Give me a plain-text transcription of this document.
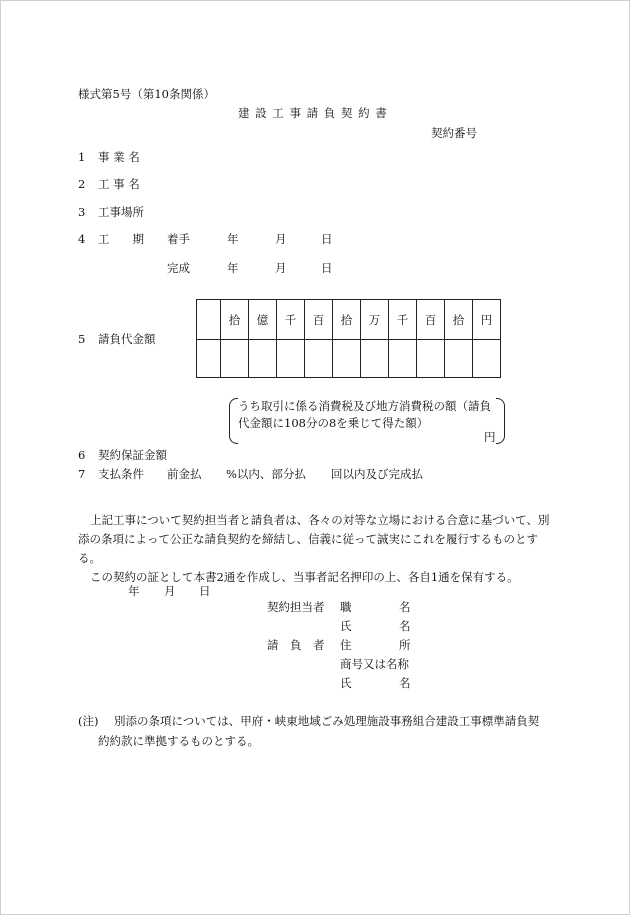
様式第5号（第10条関係）
建 設 工 事 請 負 契 約 書
契約番号
1 事 業 名
2 工 事 名
3 工事場所
4 工　　期 着手	年	月	日
完成	年	月	日
5 請負代金額
	拾	億	千	百	拾	万	千	百	拾	円

うち取引に係る消費税及び地方消費税の額（請負
代金額に108分の8を乗じて得た額）
円
6 契約保証金額
7 支払条件 前金払 %以内、部分払 回以内及び完成払
上記工事について契約担当者と請負者は、各々の対等な立場における合意に基づいて、別添の条項によって公正な請負契約を締結し、信義に従って誠実にこれを履行するものとする。
この契約の証として本書2通を作成し、当事者記名押印の上、各自1通を保有する。
年 月 日
契約担当者 職	名
氏	名
請　負　者 住	所
商号又は名称
氏	名
(注) 別添の条項については、甲府・峡東地域ごみ処理施設事務組合建設工事標準請負契
約約款に準拠するものとする。
